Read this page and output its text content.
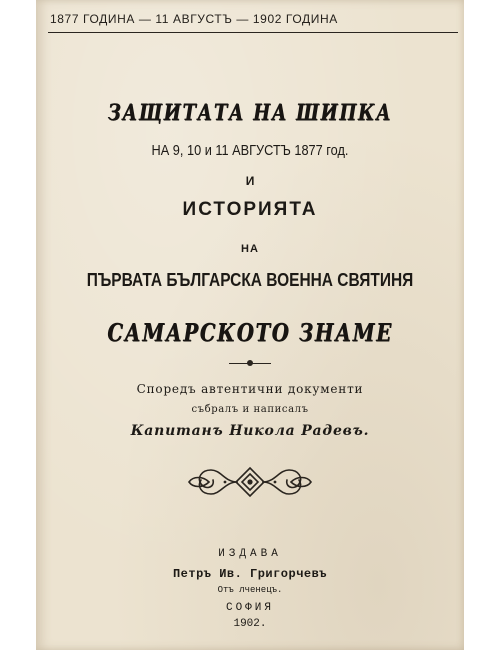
1877 ГОДИНА — 11 АВГУСТЪ — 1902 ГОДИНА
ЗАЩИТАТА НА ШИПКА
НА 9, 10 и 11 АВГУСТЪ 1877 год.
И
ИСТОРИЯТА
НА
ПЪРВАТА БЪЛГАРСКА ВОЕННА СВЯТИНЯ
САМАРСКОТО ЗНАМЕ
Споредъ автентични документи
събралъ и написалъ
Капитанъ Никола Радевъ.
ИЗДАВА
Петръ Ив. Григорчевъ
Отъ лченецъ.
СОФИЯ
1902.
